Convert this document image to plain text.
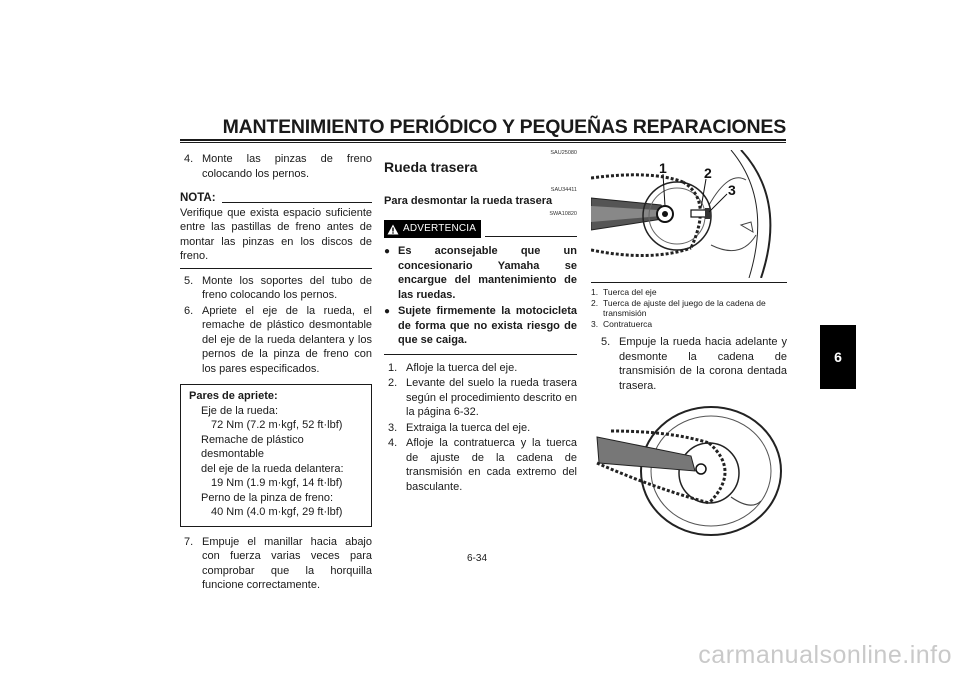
MANTENIMIENTO PERIÓDICO Y PEQUEÑAS REPARACIONES
6
4. Monte las pinzas de freno colocando los pernos.
NOTA:
Verifique que exista espacio suficiente entre las pastillas de freno antes de montar las pinzas en los discos de freno.
5. Monte los soportes del tubo de freno colocando los pernos.
6. Apriete el eje de la rueda, el remache de plástico desmontable del eje de la rueda delantera y los pernos de la pinza de freno con los pares especificados.
Pares de apriete:
Eje de la rueda:
72 Nm (7.2 m·kgf, 52 ft·lbf)
Remache de plástico desmontable
del eje de la rueda delantera:
19 Nm (1.9 m·kgf, 14 ft·lbf)
Perno de la pinza de freno:
40 Nm (4.0 m·kgf, 29 ft·lbf)
7. Empuje el manillar hacia abajo con fuerza varias veces para comprobar que la horquilla funcione correctamente.
SAU25080
Rueda trasera
SAU34411
Para desmontar la rueda trasera
SWA10820
ADVERTENCIA
● Es aconsejable que un concesionario Yamaha se encargue del mantenimiento de las ruedas.
● Sujete firmemente la motocicleta de forma que no exista riesgo de que se caiga.
1. Afloje la tuerca del eje.
2. Levante del suelo la rueda trasera según el procedimiento descrito en la página 6-32.
3. Extraiga la tuerca del eje.
4. Afloje la contratuerca y la tuerca de ajuste de la cadena de transmisión en cada extremo del basculante.
1	2
3
1. Tuerca del eje
2. Tuerca de ajuste del juego de la cadena de transmisión
3. Contratuerca
5. Empuje la rueda hacia adelante y desmonte la cadena de transmisión de la corona dentada trasera.
6-34
carmanualsonline.info
